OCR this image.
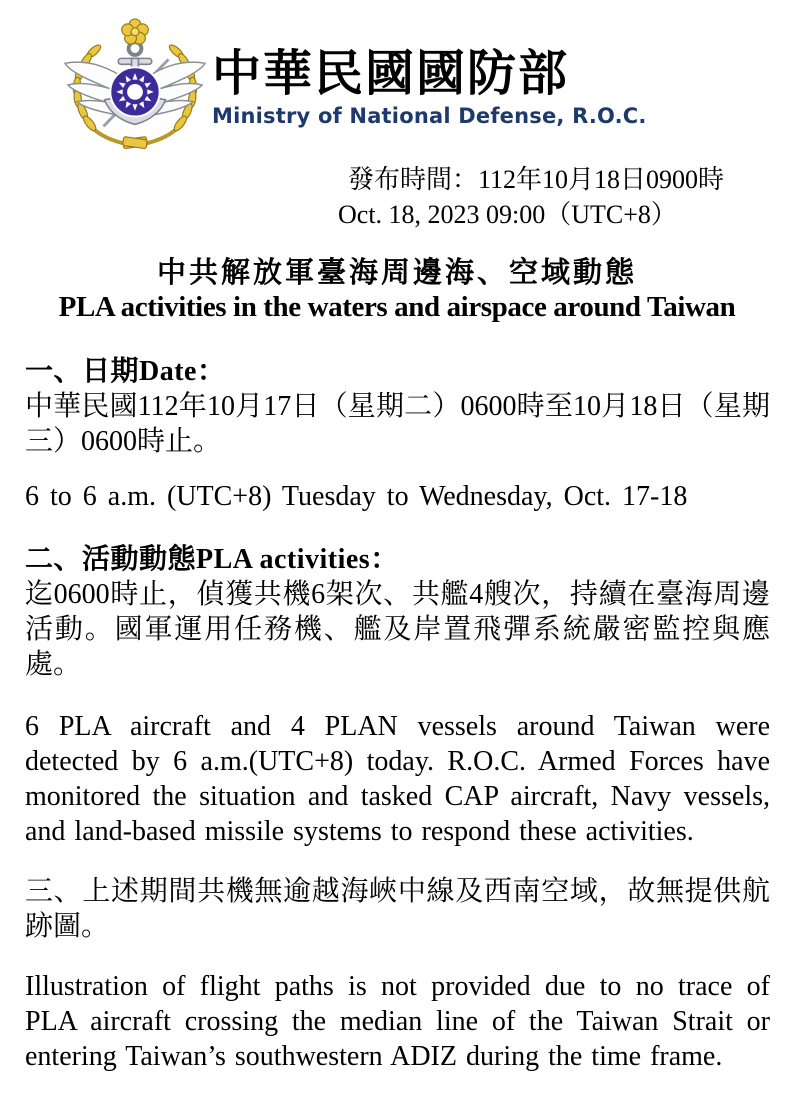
中華民國國防部
Ministry of National Defense, R.O.C.
發布時間：112年10月18日0900時
Oct. 18, 2023 09:00（UTC+8）
中共解放軍臺海周邊海、空域動態
PLA activities in the waters and airspace around Taiwan

一、日期Date：

中華民國112年10月17日（星期二）0600時至10月18日（星期三）0600時止。

6 to 6 a.m. (UTC+8) Tuesday to Wednesday, Oct. 17-18

二、活動動態PLA activities：

迄0600時止，偵獲共機6架次、共艦4艘次，持續在臺海周邊活動。國軍運用任務機、艦及岸置飛彈系統嚴密監控與應處。

6 PLA aircraft and 4 PLAN vessels around Taiwan were detected by 6 a.m.(UTC+8) today. R.O.C. Armed Forces have monitored the situation and tasked CAP aircraft, Navy vessels, and land-based missile systems to respond these activities.

三、上述期間共機無逾越海峽中線及西南空域，故無提供航跡圖。

Illustration of flight paths is not provided due to no trace of PLA aircraft crossing the median line of the Taiwan Strait or entering Taiwan’s southwestern ADIZ during the time frame.
